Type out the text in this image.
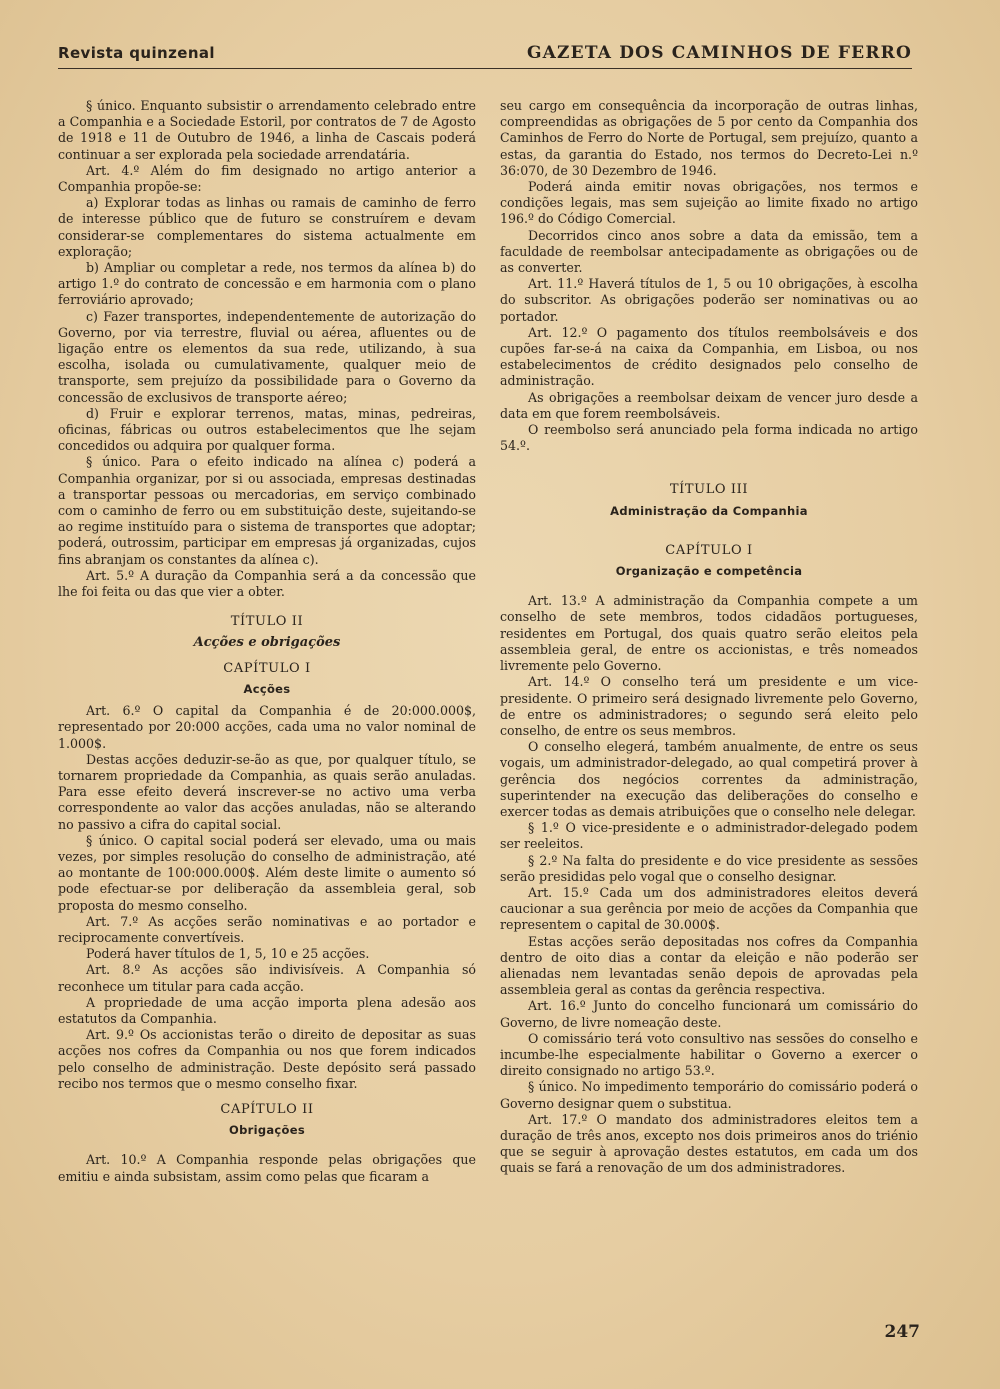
Revista quinzenal	GAZETA DOS CAMINHOS DE FERRO

§ único. Enquanto subsistir o arrendamento celebrado entre a Companhia e a Sociedade Estoril, por contratos de 7 de Agosto de 1918 e 11 de Outubro de 1946, a linha de Cascais poderá continuar a ser explorada pela sociedade arrendatária.

Art. 4.º Além do fim designado no artigo anterior a Companhia propõe-se:

a) Explorar todas as linhas ou ramais de caminho de ferro de interesse público que de futuro se construírem e devam considerar-se complementares do sistema actualmente em exploração;

b) Ampliar ou completar a rede, nos termos da alínea b) do artigo 1.º do contrato de concessão e em harmonia com o plano ferroviário aprovado;

c) Fazer transportes, independentemente de autorização do Governo, por via terrestre, fluvial ou aérea, afluentes ou de ligação entre os elementos da sua rede, utilizando, à sua escolha, isolada ou cumulativamente, qualquer meio de transporte, sem prejuízo da possibilidade para o Governo da concessão de exclusivos de transporte aéreo;

d) Fruir e explorar terrenos, matas, minas, pedreiras, oficinas, fábricas ou outros estabelecimentos que lhe sejam concedidos ou adquira por qualquer forma.

§ único. Para o efeito indicado na alínea c) poderá a Companhia organizar, por si ou associada, empresas destinadas a transportar pessoas ou mercadorias, em serviço combinado com o caminho de ferro ou em substituição deste, sujeitando-se ao regime instituído para o sistema de transportes que adoptar; poderá, outrossim, participar em empresas já organizadas, cujos fins abranjam os constantes da alínea c).

Art. 5.º A duração da Companhia será a da concessão que lhe foi feita ou das que vier a obter.

TÍTULO II
Acções e obrigações
CAPÍTULO I
Acções

Art. 6.º O capital da Companhia é de 20:000.000$, representado por 20:000 acções, cada uma no valor nominal de 1.000$.

Destas acções deduzir-se-ão as que, por qualquer título, se tornarem propriedade da Companhia, as quais serão anuladas. Para esse efeito deverá inscrever-se no activo uma verba correspondente ao valor das acções anuladas, não se alterando no passivo a cifra do capital social.

§ único. O capital social poderá ser elevado, uma ou mais vezes, por simples resolução do conselho de administração, até ao montante de 100:000.000$. Além deste limite o aumento só pode efectuar-se por deliberação da assembleia geral, sob proposta do mesmo conselho.

Art. 7.º As acções serão nominativas e ao portador e reciprocamente convertíveis.

Poderá haver títulos de 1, 5, 10 e 25 acções.

Art. 8.º As acções são indivisíveis. A Companhia só reconhece um titular para cada acção.

A propriedade de uma acção importa plena adesão aos estatutos da Companhia.

Art. 9.º Os accionistas terão o direito de depositar as suas acções nos cofres da Companhia ou nos que forem indicados pelo conselho de administração. Deste depósito será passado recibo nos termos que o mesmo conselho fixar.

CAPÍTULO II
Obrigações

Art. 10.º A Companhia responde pelas obrigações que emitiu e ainda subsistam, assim como pelas que ficaram a

seu cargo em consequência da incorporação de outras linhas, compreendidas as obrigações de 5 por cento da Companhia dos Caminhos de Ferro do Norte de Portugal, sem prejuízo, quanto a estas, da garantia do Estado, nos termos do Decreto-Lei n.º 36:070, de 30 Dezembro de 1946.

Poderá ainda emitir novas obrigações, nos termos e condições legais, mas sem sujeição ao limite fixado no artigo 196.º do Código Comercial.

Decorridos cinco anos sobre a data da emissão, tem a faculdade de reembolsar antecipadamente as obrigações ou de as converter.

Art. 11.º Haverá títulos de 1, 5 ou 10 obrigações, à escolha do subscritor. As obrigações poderão ser nominativas ou ao portador.

Art. 12.º O pagamento dos títulos reembolsáveis e dos cupões far-se-á na caixa da Companhia, em Lisboa, ou nos estabelecimentos de crédito designados pelo conselho de administração.

As obrigações a reembolsar deixam de vencer juro desde a data em que forem reembolsáveis.

O reembolso será anunciado pela forma indicada no artigo 54.º.

TÍTULO III
Administração da Companhia
CAPÍTULO I
Organização e competência

Art. 13.º A administração da Companhia compete a um conselho de sete membros, todos cidadãos portugueses, residentes em Portugal, dos quais quatro serão eleitos pela assembleia geral, de entre os accionistas, e três nomeados livremente pelo Governo.

Art. 14.º O conselho terá um presidente e um vice-presidente. O primeiro será designado livremente pelo Governo, de entre os administradores; o segundo será eleito pelo conselho, de entre os seus membros.

O conselho elegerá, também anualmente, de entre os seus vogais, um administrador-delegado, ao qual competirá prover à gerência dos negócios correntes da administração, superintender na execução das deliberações do conselho e exercer todas as demais atribuições que o conselho nele delegar.

§ 1.º O vice-presidente e o administrador-delegado podem ser reeleitos.

§ 2.º Na falta do presidente e do vice presidente as sessões serão presididas pelo vogal que o conselho designar.

Art. 15.º Cada um dos administradores eleitos deverá caucionar a sua gerência por meio de acções da Companhia que representem o capital de 30.000$.

Estas acções serão depositadas nos cofres da Companhia dentro de oito dias a contar da eleição e não poderão ser alienadas nem levantadas senão depois de aprovadas pela assembleia geral as contas da gerência respectiva.

Art. 16.º Junto do concelho funcionará um comissário do Governo, de livre nomeação deste.

O comissário terá voto consultivo nas sessões do conselho e incumbe-lhe especialmente habilitar o Governo a exercer o direito consignado no artigo 53.º.

§ único. No impedimento temporário do comissário poderá o Governo designar quem o substitua.

Art. 17.º O mandato dos administradores eleitos tem a duração de três anos, excepto nos dois primeiros anos do triénio que se seguir à aprovação destes estatutos, em cada um dos quais se fará a renovação de um dos administradores.

247
